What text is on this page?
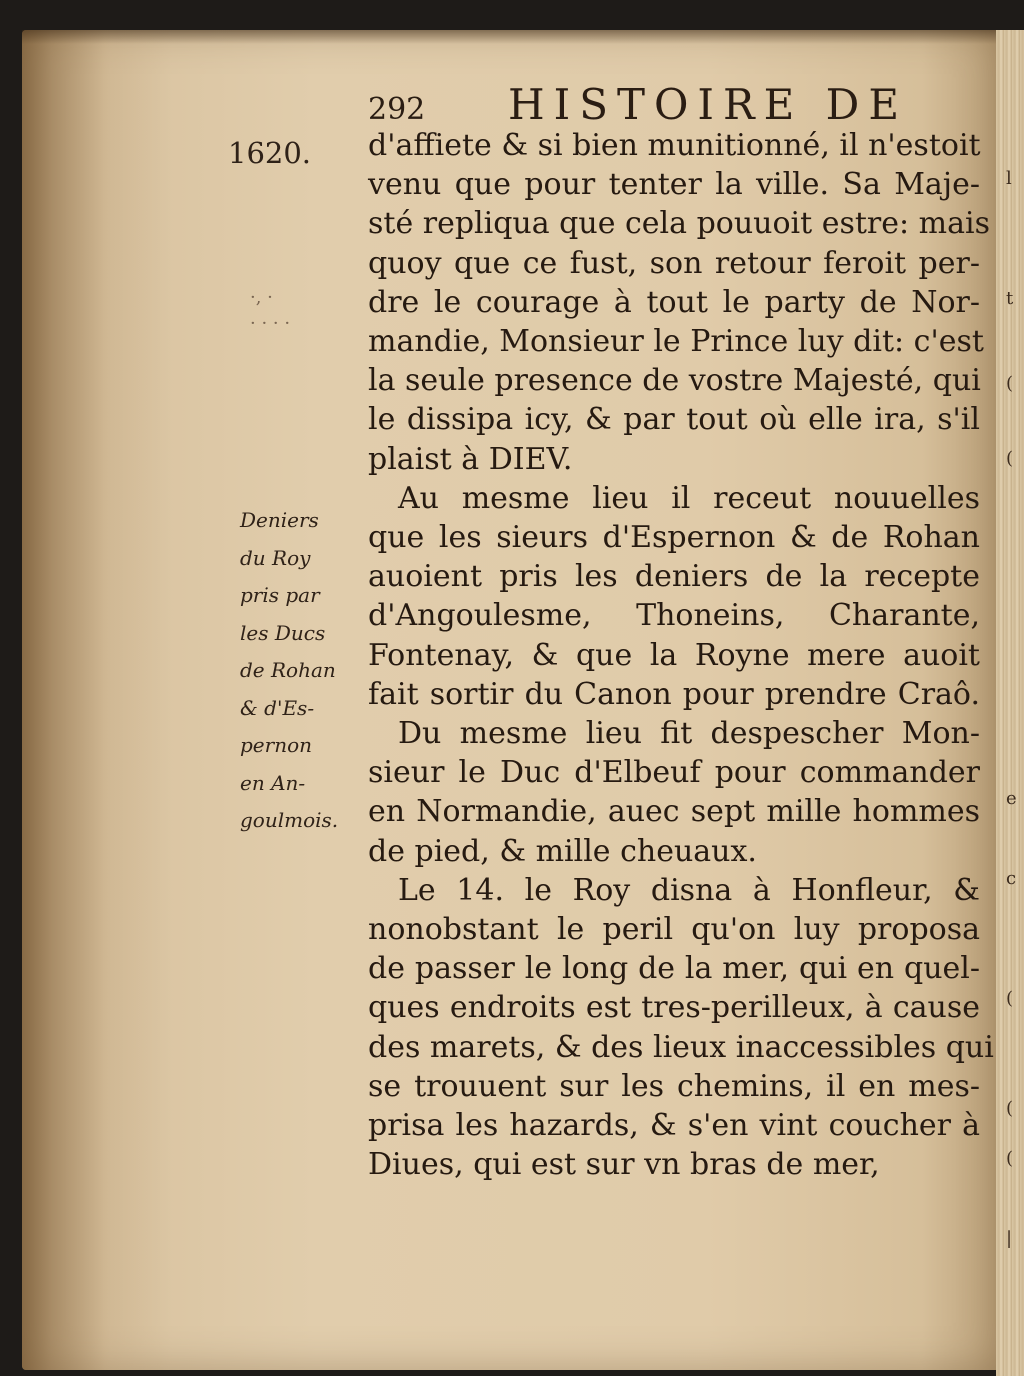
l
t
(
(
e
c
(
(
(
|
292 HISTOIRE DE
1620.
·, ·
· · · ·
Deniers
du Roy
pris par
les Ducs
de Rohan
& d'Es-
pernon
en An-
goulmois.
d'affiete & si bien munitionné, il n'estoit
venu que pour tenter la ville. Sa Maje-
sté repliqua que cela pouuoit estre: mais
quoy que ce fust, son retour feroit per-
dre le courage à tout le party de Nor-
mandie, Monsieur le Prince luy dit: c'est
la seule presence de vostre Majesté, qui
le dissipa icy, & par tout où elle ira, s'il
plaist à DIEV.
Au mesme lieu il receut nouuelles
que les sieurs d'Espernon & de Rohan
auoient pris les deniers de la recepte
d'Angoulesme, Thoneins, Charante,
Fontenay, & que la Royne mere auoit
fait sortir du Canon pour prendre Craô.
Du mesme lieu fit despescher Mon-
sieur le Duc d'Elbeuf pour commander
en Normandie, auec sept mille hommes
de pied, & mille cheuaux.
Le 14. le Roy disna à Honfleur, &
nonobstant le peril qu'on luy proposa
de passer le long de la mer, qui en quel-
ques endroits est tres-perilleux, à cause
des marets, & des lieux inaccessibles qui
se trouuent sur les chemins, il en mes-
prisa les hazards, & s'en vint coucher à
Diues, qui est sur vn bras de mer,
